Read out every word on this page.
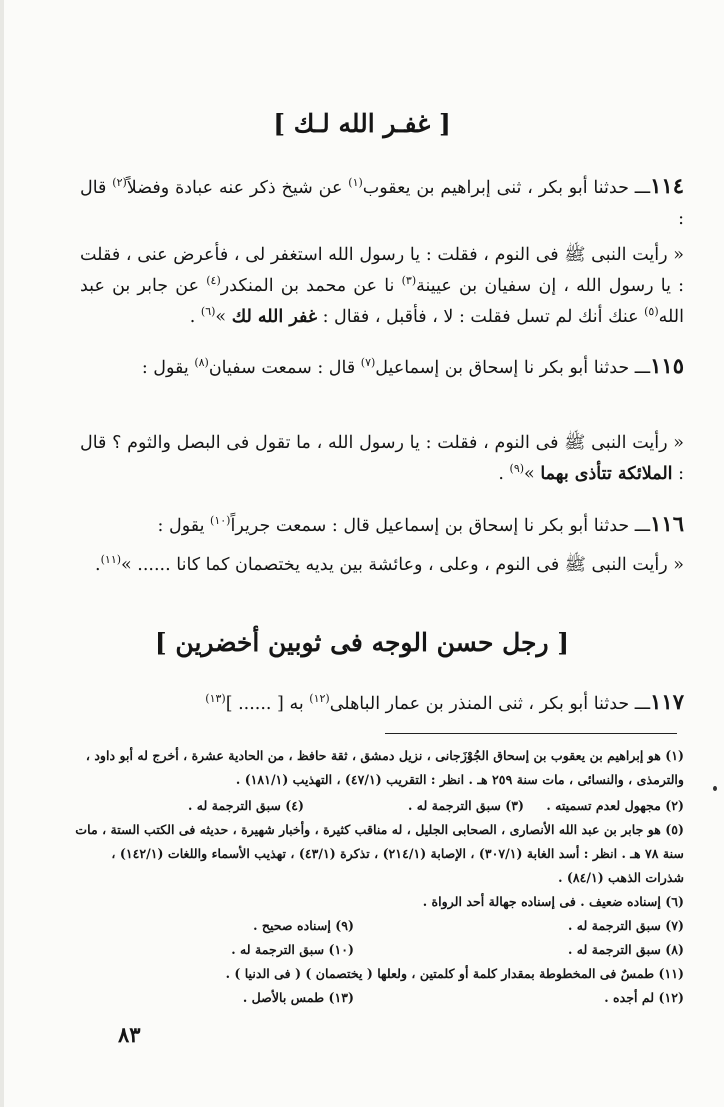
[ غفـر الله لـك ]
١١٤ـــ حدثنا أبو بكر ، ثنى إبراهيم بن يعقوب$^{(١)}$ عن شيخ ذكر عنه عبادة وفضلاً$^{(٢)}$ قال :
« رأيت النبى ﷺ فى النوم ، فقلت : يا رسول الله استغفر لى ، فأعرض عنى ، فقلت : يا رسول الله ، إن سفيان بن عيينة$^{(٣)}$ نا عن محمد بن المنكدر$^{(٤)}$ عن جابر بن عبد الله$^{(٥)}$ عنك أنك لم تسل فقلت : لا ، فأقبل ، فقال : غفر الله لك »$^{(٦)}$ .
١١٥ـــ حدثنا أبو بكر نا إسحاق بن إسماعيل$^{(٧)}$ قال : سمعت سفيان$^{(٨)}$ يقول :
« رأيت النبى ﷺ فى النوم ، فقلت : يا رسول الله ، ما تقول فى البصل والثوم ؟ قال : الملائكة تتأذى بهما »$^{(٩)}$ .
١١٦ـــ حدثنا أبو بكر نا إسحاق بن إسماعيل قال : سمعت جريراً$^{(١٠)}$ يقول :
« رأيت النبى ﷺ فى النوم ، وعلى ، وعائشة بين يديه يختصمان كما كانا ...... »$^{(١١)}$.
[ رجل حسن الوجه فى ثوبين أخضرين ]
١١٧ـــ حدثنا أبو بكر ، ثنى المنذر بن عمار الباهلى$^{(١٢)}$ به [ ...... ]$^{(١٣)}$
(١) هو إبراهيم بن يعقوب بن إسحاق الجُوْزَجانى ، نزيل دمشق ، ثقة حافظ ، من الحادية عشرة ، أخرج له أبو داود ، والترمذى ، والنسائى ، مات سنة ٢٥٩ هـ . انظر : التقريب (٤٧/١) ، التهذيب (١٨١/١) .
(٢) مجهول لعدم تسميته .
(٣) سبق الترجمة له .
(٤) سبق الترجمة له .
(٥) هو جابر بن عبد الله الأنصارى ، الصحابى الجليل ، له مناقب كثيرة ، وأخبار شهيرة ، حديثه فى الكتب الستة ، مات سنة ٧٨ هـ . انظر : أسد الغابة (٣٠٧/١) ، الإصابة (٢١٤/١) ، تذكرة (٤٣/١) ، تهذيب الأسماء واللغات (١٤٢/١) ، شذرات الذهب (٨٤/١) .
(٦) إسناده ضعيف . فى إسناده جهالة أحد الرواة .
(٧) سبق الترجمة له .
(٩) إسناده صحيح .
(٨) سبق الترجمة له .
(١٠) سبق الترجمة له .
(١١) طمسٌ فى المخطوطة بمقدار كلمة أو كلمتين ، ولعلها ( يختصمان ) ( فى الدنيا ) .
(١٢) لم أجده .
(١٣) طمس بالأصل .
٨٣
